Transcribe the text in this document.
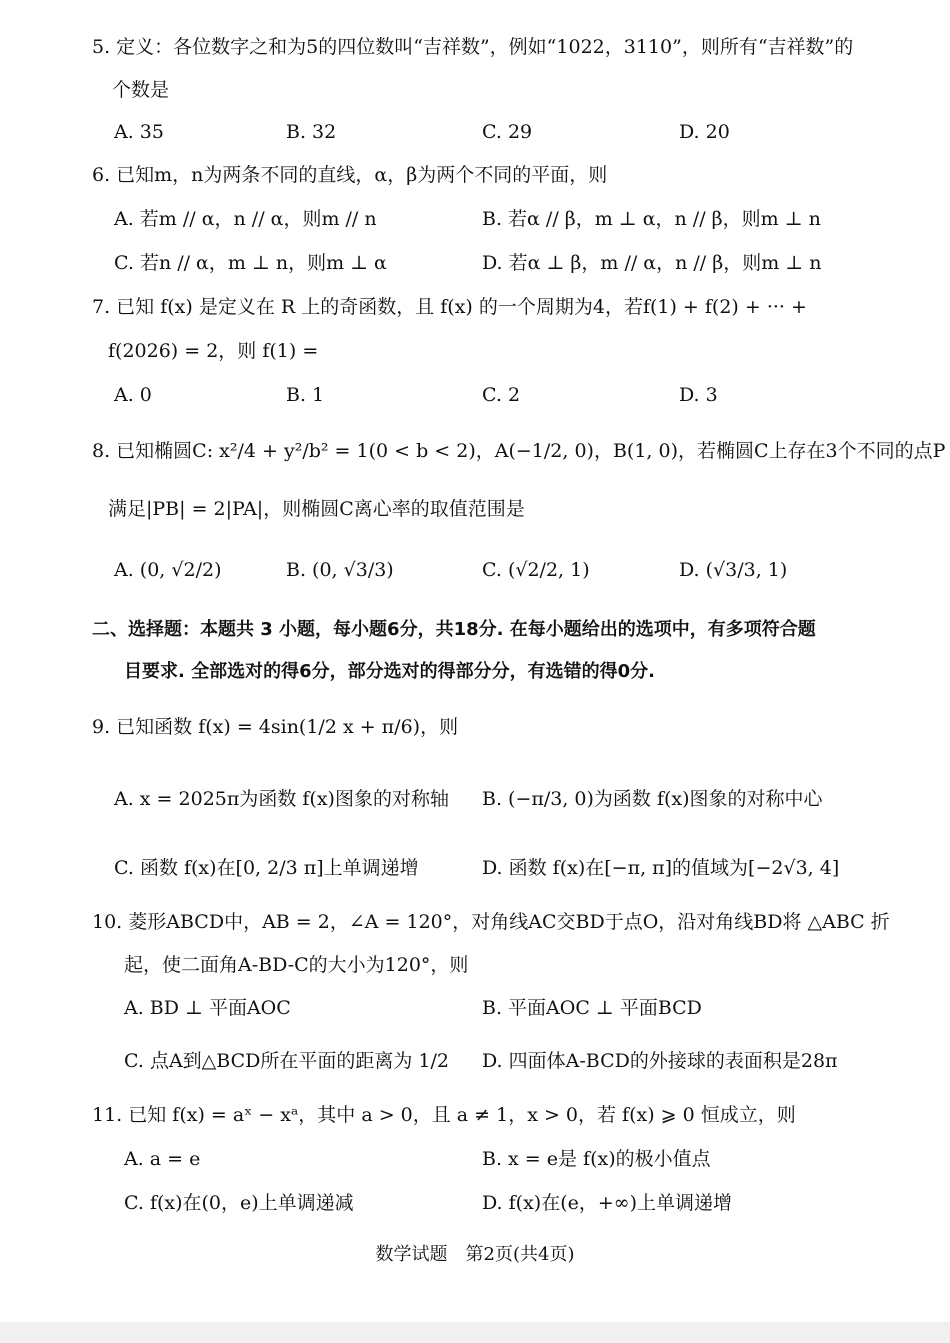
5. 定义：各位数字之和为5的四位数叫“吉祥数”，例如“1022，3110”，则所有“吉祥数”的
个数是
A. 35	B. 32	C. 29	D. 20
6. 已知m，n为两条不同的直线，α，β为两个不同的平面，则
A. 若m // α，n // α，则m // n	B. 若α // β，m ⊥ α，n // β，则m ⊥ n
C. 若n // α，m ⊥ n，则m ⊥ α	D. 若α ⊥ β，m // α，n // β，则m ⊥ n
7. 已知 f(x) 是定义在 R 上的奇函数，且 f(x) 的一个周期为4，若f(1) + f(2) + ··· +
f(2026) = 2，则 f(1) =
A. 0	B. 1	C. 2	D. 3
8. 已知椭圆C: x²/4 + y²/b² = 1(0 < b < 2)，A(−1/2, 0)，B(1, 0)，若椭圆C上存在3个不同的点P
满足|PB| = 2|PA|，则椭圆C离心率的取值范围是
A. (0, √2/2)	B. (0, √3/3)	C. (√2/2, 1)	D. (√3/3, 1)
二、选择题：本题共 3 小题，每小题6分，共18分. 在每小题给出的选项中，有多项符合题
目要求. 全部选对的得6分，部分选对的得部分分，有选错的得0分.
9. 已知函数 f(x) = 4sin(1/2 x + π/6)，则
A. x = 2025π为函数 f(x)图象的对称轴 B. (−π/3, 0)为函数 f(x)图象的对称中心
C. 函数 f(x)在[0, 2/3 π]上单调递增	D. 函数 f(x)在[−π, π]的值域为[−2√3, 4]
10. 菱形ABCD中，AB = 2，∠A = 120°，对角线AC交BD于点O，沿对角线BD将 △ABC 折
起，使二面角A-BD-C的大小为120°，则
A. BD ⊥ 平面AOC	B. 平面AOC ⊥ 平面BCD
C. 点A到△BCD所在平面的距离为 1/2 D. 四面体A-BCD的外接球的表面积是28π
11. 已知 f(x) = aˣ − xᵃ，其中 a > 0，且 a ≠ 1，x > 0，若 f(x) ⩾ 0 恒成立，则
A. a = e	B. x = e是 f(x)的极小值点
C. f(x)在(0，e)上单调递减	D. f(x)在(e，+∞)上单调递增
数学试题　第2页(共4页)
